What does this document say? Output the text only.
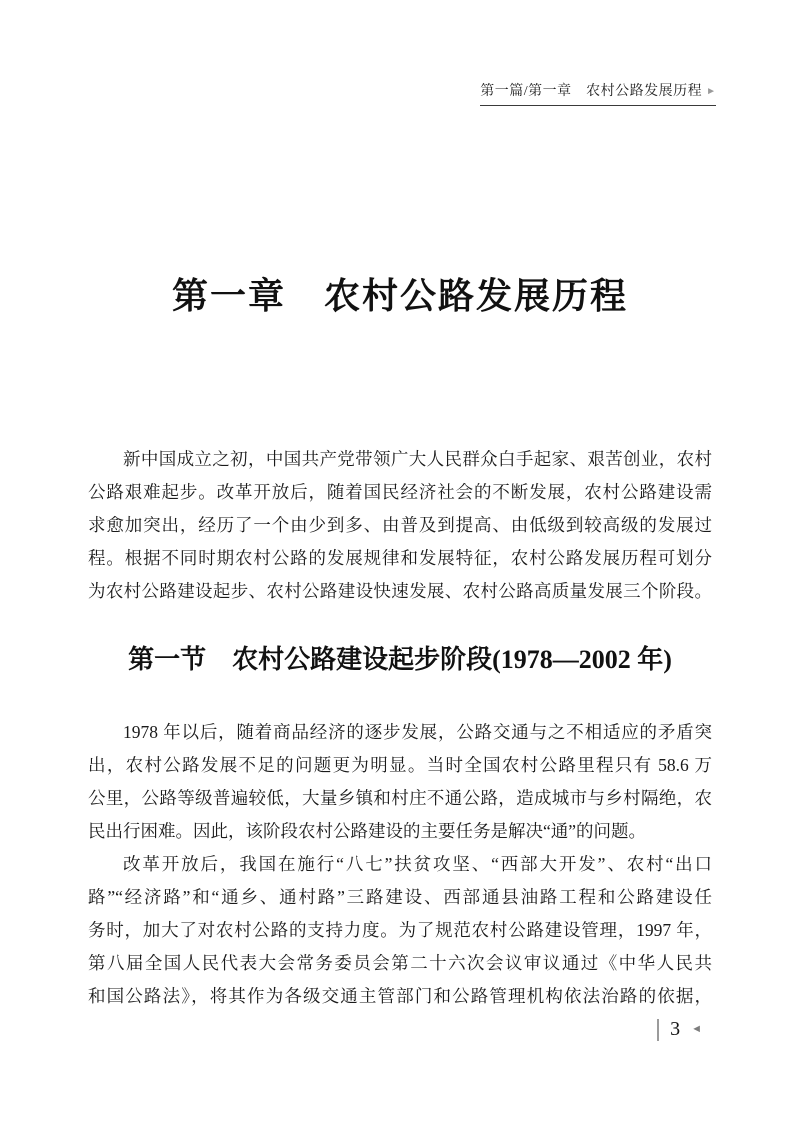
第一篇/第一章　农村公路发展历程 ►
第一章　农村公路发展历程
新中国成立之初，中国共产党带领广大人民群众白手起家、艰苦创业，农村
公路艰难起步。改革开放后，随着国民经济社会的不断发展，农村公路建设需
求愈加突出，经历了一个由少到多、由普及到提高、由低级到较高级的发展过
程。根据不同时期农村公路的发展规律和发展特征，农村公路发展历程可划分
为农村公路建设起步、农村公路建设快速发展、农村公路高质量发展三个阶段。
第一节　农村公路建设起步阶段(1978—2002 年)
1978 年以后，随着商品经济的逐步发展，公路交通与之不相适应的矛盾突
出，农村公路发展不足的问题更为明显。当时全国农村公路里程只有 58.6 万
公里，公路等级普遍较低，大量乡镇和村庄不通公路，造成城市与乡村隔绝，农
民出行困难。因此，该阶段农村公路建设的主要任务是解决“通”的问题。
改革开放后，我国在施行“八七”扶贫攻坚、“西部大开发”、农村“出口
路”“经济路”和“通乡、通村路”三路建设、西部通县油路工程和公路建设任
务时，加大了对农村公路的支持力度。为了规范农村公路建设管理，1997 年，
第八届全国人民代表大会常务委员会第二十六次会议审议通过《中华人民共
和国公路法》，将其作为各级交通主管部门和公路管理机构依法治路的依据，
3 ◄
